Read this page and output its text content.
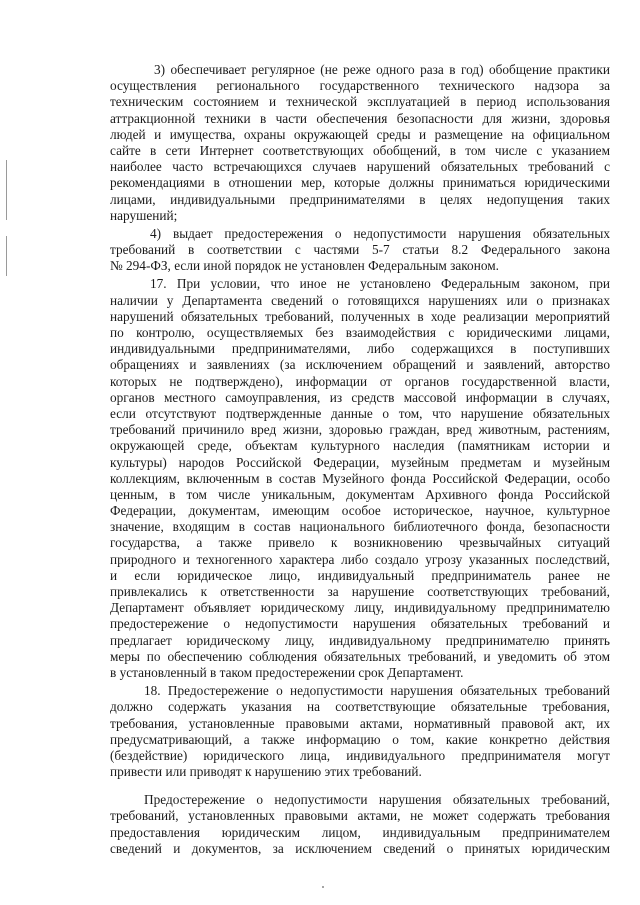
3) обеспечивает регулярное (не реже одного раза в год) обобщение практики
осуществления регионального государственного технического надзора за
техническим состоянием и технической эксплуатацией в период использования
аттракционной техники в части обеспечения безопасности для жизни, здоровья
людей и имущества, охраны окружающей среды и размещение на официальном
сайте в сети Интернет соответствующих обобщений, в том числе с указанием
наиболее часто встречающихся случаев нарушений обязательных требований с
рекомендациями в отношении мер, которые должны приниматься юридическими
лицами, индивидуальными предпринимателями в целях недопущения таких
нарушений;
4) выдает предостережения о недопустимости нарушения обязательных
требований в соответствии с частями 5-7 статьи 8.2 Федерального закона
№ 294-ФЗ, если иной порядок не установлен Федеральным законом.
17. При условии, что иное не установлено Федеральным законом, при
наличии у Департамента сведений о готовящихся нарушениях или о признаках
нарушений обязательных требований, полученных в ходе реализации мероприятий
по контролю, осуществляемых без взаимодействия с юридическими лицами,
индивидуальными предпринимателями, либо содержащихся в поступивших
обращениях и заявлениях (за исключением обращений и заявлений, авторство
которых не подтверждено), информации от органов государственной власти,
органов местного самоуправления, из средств массовой информации в случаях,
если отсутствуют подтвержденные данные о том, что нарушение обязательных
требований причинило вред жизни, здоровью граждан, вред животным, растениям,
окружающей среде, объектам культурного наследия (памятникам истории и
культуры) народов Российской Федерации, музейным предметам и музейным
коллекциям, включенным в состав Музейного фонда Российской Федерации, особо
ценным, в том числе уникальным, документам Архивного фонда Российской
Федерации, документам, имеющим особое историческое, научное, культурное
значение, входящим в состав национального библиотечного фонда, безопасности
государства, а также привело к возникновению чрезвычайных ситуаций
природного и техногенного характера либо создало угрозу указанных последствий,
и если юридическое лицо, индивидуальный предприниматель ранее не
привлекались к ответственности за нарушение соответствующих требований,
Департамент объявляет юридическому лицу, индивидуальному предпринимателю
предостережение о недопустимости нарушения обязательных требований и
предлагает юридическому лицу, индивидуальному предпринимателю принять
меры по обеспечению соблюдения обязательных требований, и уведомить об этом
в установленный в таком предостережении срок Департамент.
18. Предостережение о недопустимости нарушения обязательных требований
должно содержать указания на соответствующие обязательные требования,
требования, установленные правовыми актами, нормативный правовой акт, их
предусматривающий, а также информацию о том, какие конкретно действия
(бездействие) юридического лица, индивидуального предпринимателя могут
привести или приводят к нарушению этих требований.
Предостережение о недопустимости нарушения обязательных требований,
требований, установленных правовыми актами, не может содержать требования
предоставления юридическим лицом, индивидуальным предпринимателем
сведений и документов, за исключением сведений о принятых юридическим
